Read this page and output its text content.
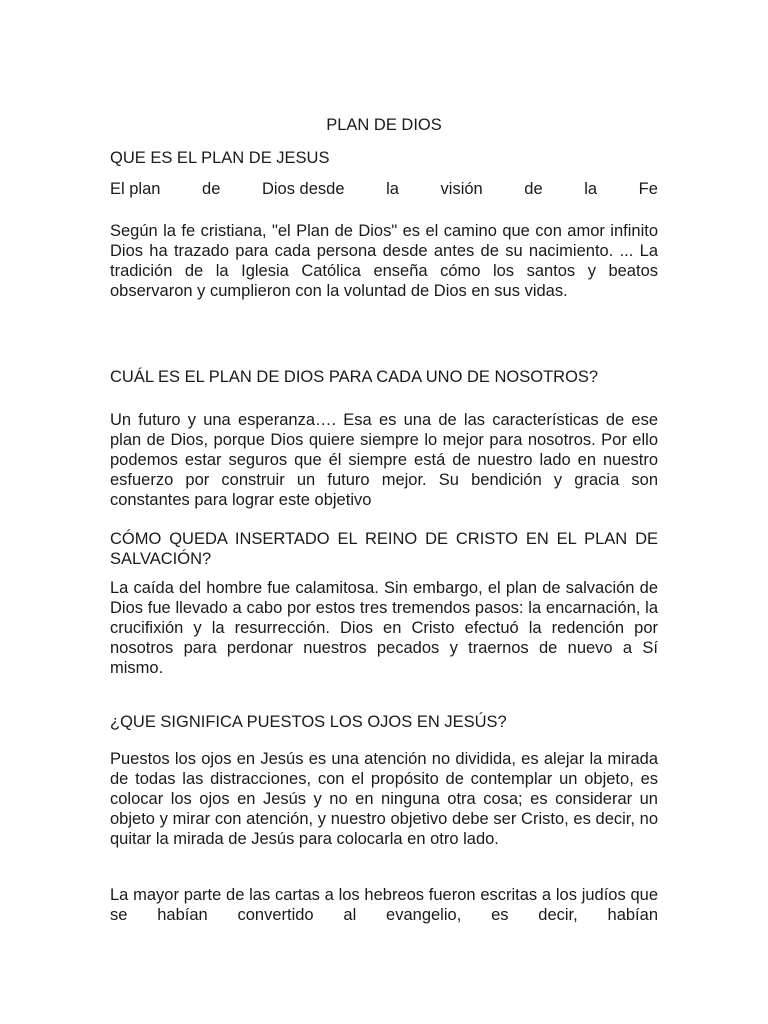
PLAN DE DIOS
QUE ES EL PLAN DE JESUS
El plan	de	Dios desde	la	visión	de	la	Fe

Según la fe cristiana, "el Plan de Dios" es el camino que con amor infinito Dios ha trazado para cada persona desde antes de su nacimiento. ... La tradición de la Iglesia Católica enseña cómo los santos y beatos observaron y cumplieron con la voluntad de Dios en sus vidas.

CUÁL ES EL PLAN DE DIOS PARA CADA UNO DE NOSOTROS?

Un futuro y una esperanza…. Esa es una de las características de ese plan de Dios, porque Dios quiere siempre lo mejor para nosotros. Por ello podemos estar seguros que él siempre está de nuestro lado en nuestro esfuerzo por construir un futuro mejor. Su bendición y gracia son constantes para lograr este objetivo

CÓMO QUEDA INSERTADO EL REINO DE CRISTO EN EL PLAN DE SALVACIÓN?

La caída del hombre fue calamitosa. Sin embargo, el plan de salvación de Dios fue llevado a cabo por estos tres tremendos pasos: la encarnación, la crucifixión y la resurrección. Dios en Cristo efectuó la redención por nosotros para perdonar nuestros pecados y traernos de nuevo a Sí mismo.

¿QUE SIGNIFICA PUESTOS LOS OJOS EN JESÚS?

Puestos los ojos en Jesús es una atención no dividida, es alejar la mirada de todas las distracciones, con el propósito de contemplar un objeto, es colocar los ojos en Jesús y no en ninguna otra cosa; es considerar un objeto y mirar con atención, y nuestro objetivo debe ser Cristo, es decir, no quitar la mirada de Jesús para colocarla en otro lado.

La mayor parte de las cartas a los hebreos fueron escritas a los judíos que se habían convertido al evangelio, es decir, habían
